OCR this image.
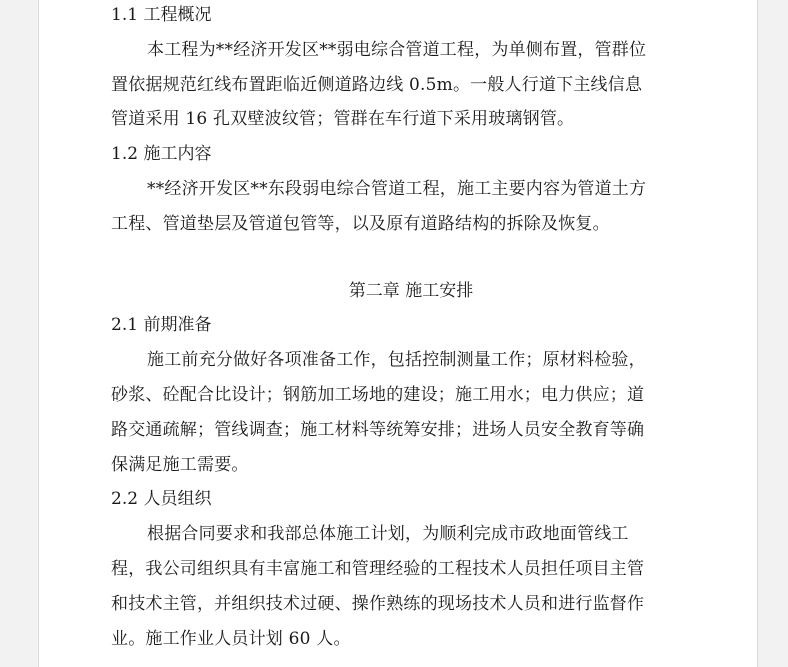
1.1 工程概况
本工程为**经济开发区**弱电综合管道工程，为单侧布置，管群位
置依据规范红线布置距临近侧道路边线 0.5m。一般人行道下主线信息
管道采用 16 孔双壁波纹管；管群在车行道下采用玻璃钢管。
1.2 施工内容
**经济开发区**东段弱电综合管道工程，施工主要内容为管道土方
工程、管道垫层及管道包管等，以及原有道路结构的拆除及恢复。
第二章 施工安排
2.1 前期准备
施工前充分做好各项准备工作，包括控制测量工作；原材料检验，
砂浆、砼配合比设计；钢筋加工场地的建设；施工用水；电力供应；道
路交通疏解；管线调查；施工材料等统筹安排；进场人员安全教育等确
保满足施工需要。
2.2 人员组织
根据合同要求和我部总体施工计划，为顺利完成市政地面管线工
程，我公司组织具有丰富施工和管理经验的工程技术人员担任项目主管
和技术主管，并组织技术过硬、操作熟练的现场技术人员和进行监督作
业。施工作业人员计划 60 人。
